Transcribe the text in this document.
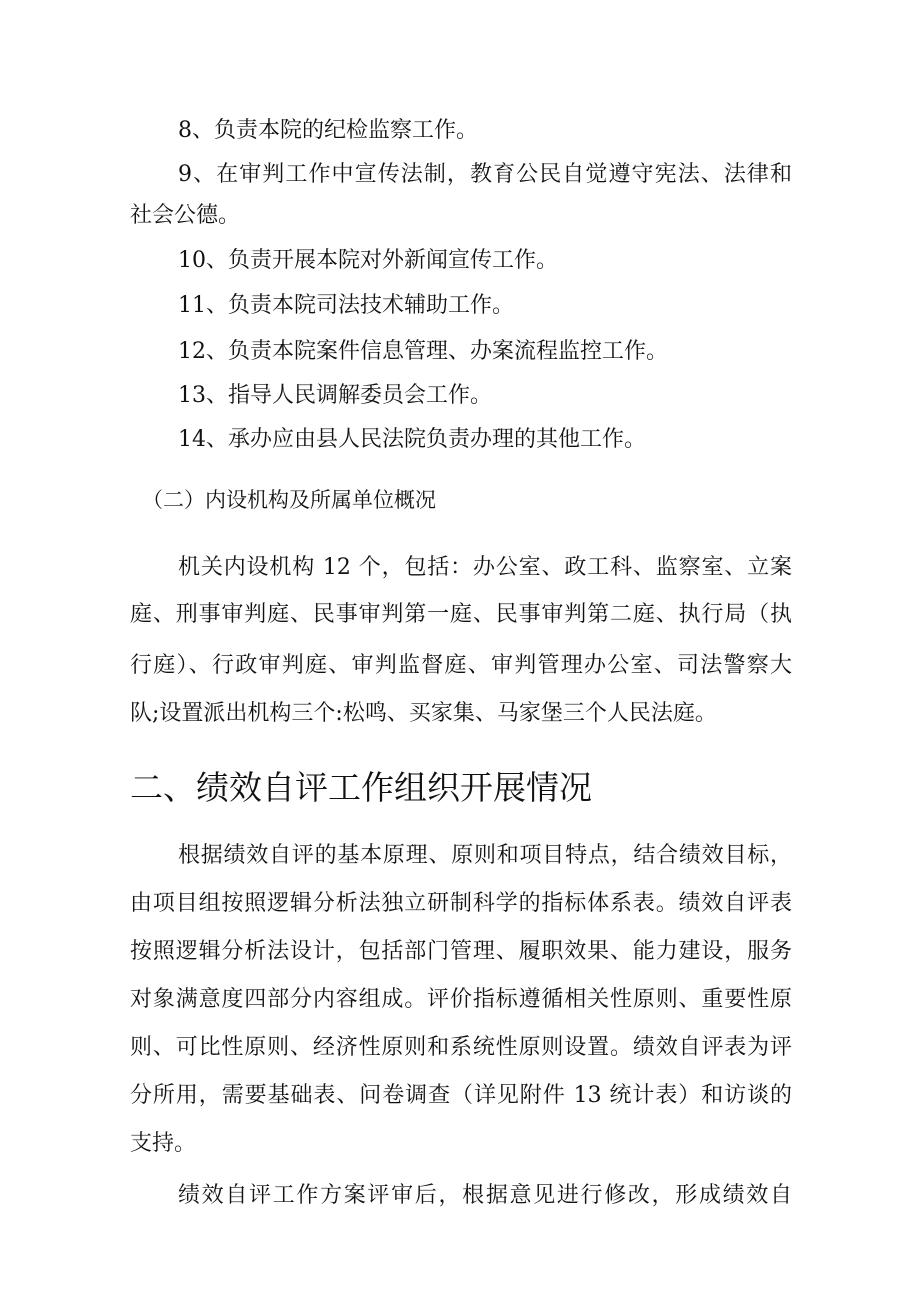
8、负责本院的纪检监察工作。
9、在审判工作中宣传法制，教育公民自觉遵守宪法、法律和
社会公德。
10、负责开展本院对外新闻宣传工作。
11、负责本院司法技术辅助工作。
12、负责本院案件信息管理、办案流程监控工作。
13、指导人民调解委员会工作。
14、承办应由县人民法院负责办理的其他工作。
（二）内设机构及所属单位概况
机关内设机构 12 个，包括：办公室、政工科、监察室、立案
庭、刑事审判庭、民事审判第一庭、民事审判第二庭、执行局（执
行庭）、行政审判庭、审判监督庭、审判管理办公室、司法警察大
队;设置派出机构三个:松鸣、买家集、马家堡三个人民法庭。
二、绩效自评工作组织开展情况
根据绩效自评的基本原理、原则和项目特点，结合绩效目标，
由项目组按照逻辑分析法独立研制科学的指标体系表。绩效自评表
按照逻辑分析法设计，包括部门管理、履职效果、能力建设，服务
对象满意度四部分内容组成。评价指标遵循相关性原则、重要性原
则、可比性原则、经济性原则和系统性原则设置。绩效自评表为评
分所用，需要基础表、问卷调查（详见附件 13 统计表）和访谈的
支持。
绩效自评工作方案评审后，根据意见进行修改，形成绩效自
